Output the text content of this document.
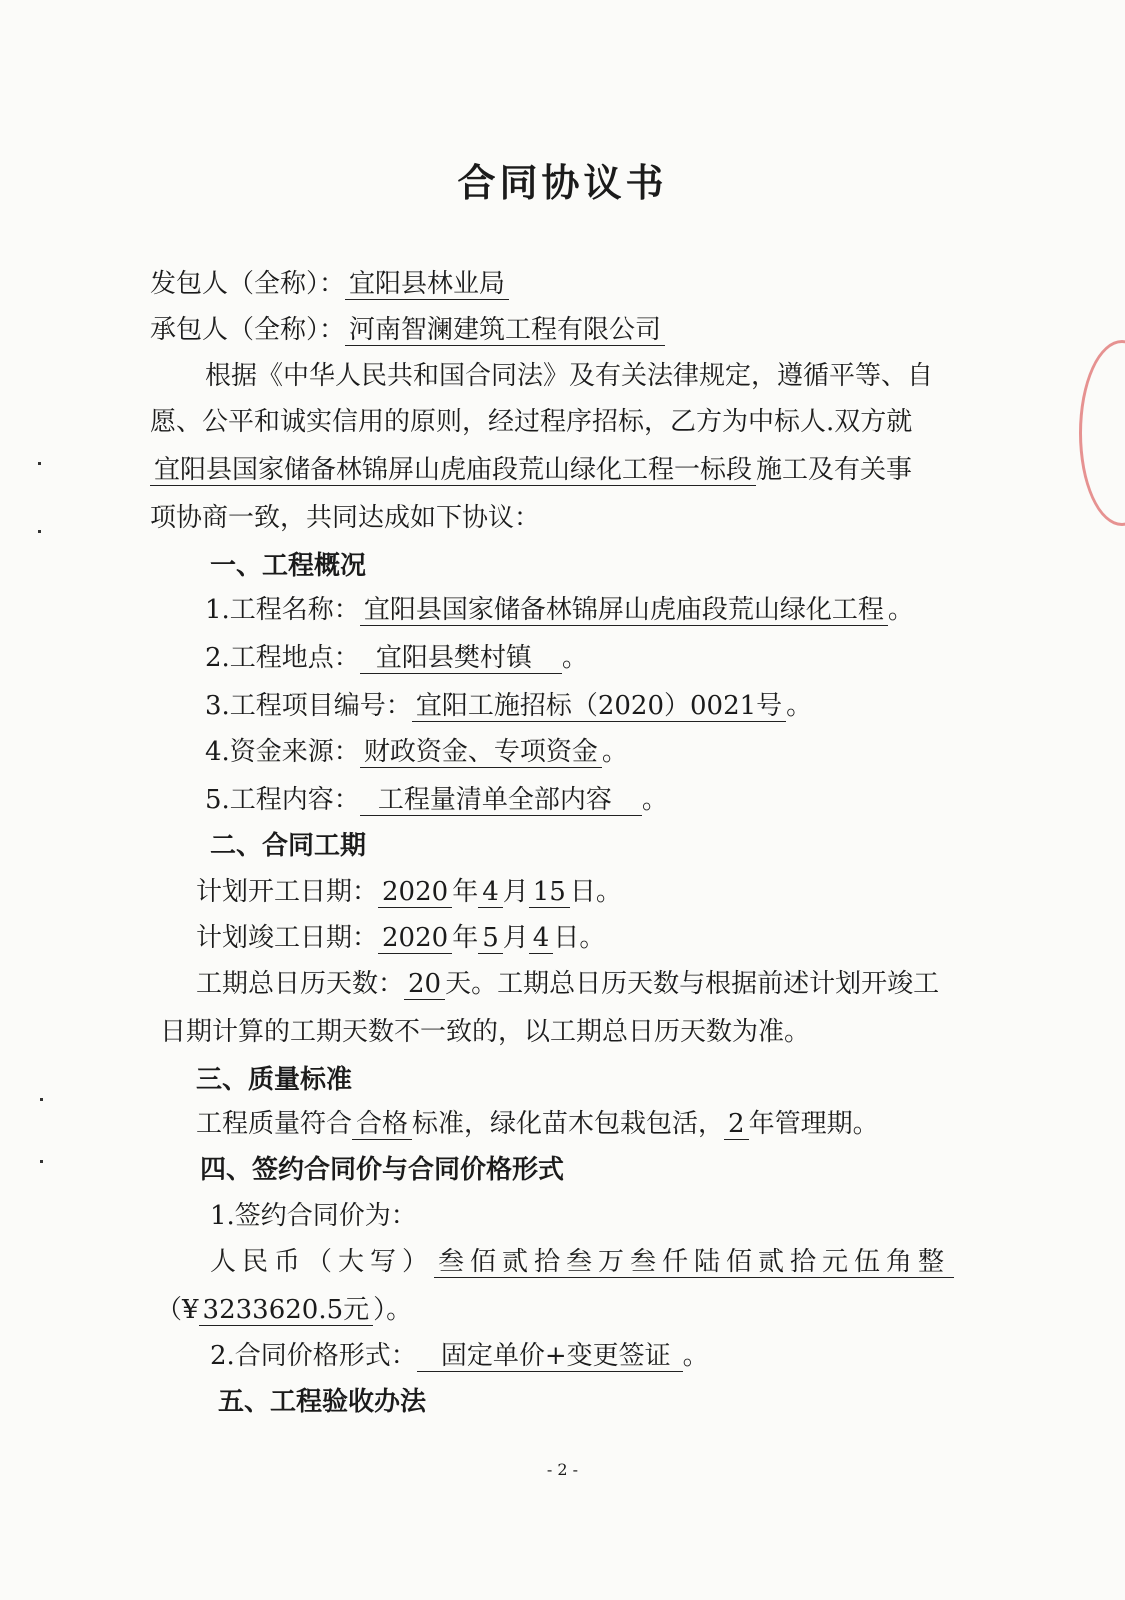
合同协议书
发包人（全称）： 宜阳县林业局
承包人（全称）： 河南智澜建筑工程有限公司
根据《中华人民共和国合同法》及有关法律规定，遵循平等、自
愿、公平和诚实信用的原则，经过程序招标，乙方为中标人.双方就
宜阳县国家储备林锦屏山虎庙段荒山绿化工程一标段 施工及有关事
项协商一致，共同达成如下协议：
一、工程概况
1.工程名称： 宜阳县国家储备林锦屏山虎庙段荒山绿化工程 。
2.工程地点： 宜阳县樊村镇 。
3.工程项目编号： 宜阳工施招标（2020）0021号 。
4.资金来源： 财政资金、专项资金 。
5.工程内容： 工程量清单全部内容 。
二、合同工期
计划开工日期： 2020 年 4 月 15 日。
计划竣工日期： 2020 年 5 月 4 日。
工期总日历天数： 20 天。工期总日历天数与根据前述计划开竣工
日期计算的工期天数不一致的，以工期总日历天数为准。
三、质量标准
工程质量符合 合格 标准，绿化苗木包栽包活， 2 年管理期。
四、签约合同价与合同价格形式
1.签约合同价为：
人民币（大写） 叁佰贰拾叁万叁仟陆佰贰拾元伍角整
（¥ 3233620.5元 ）。
2.合同价格形式： 固定单价+变更签证 。
五、工程验收办法
- 2 -
